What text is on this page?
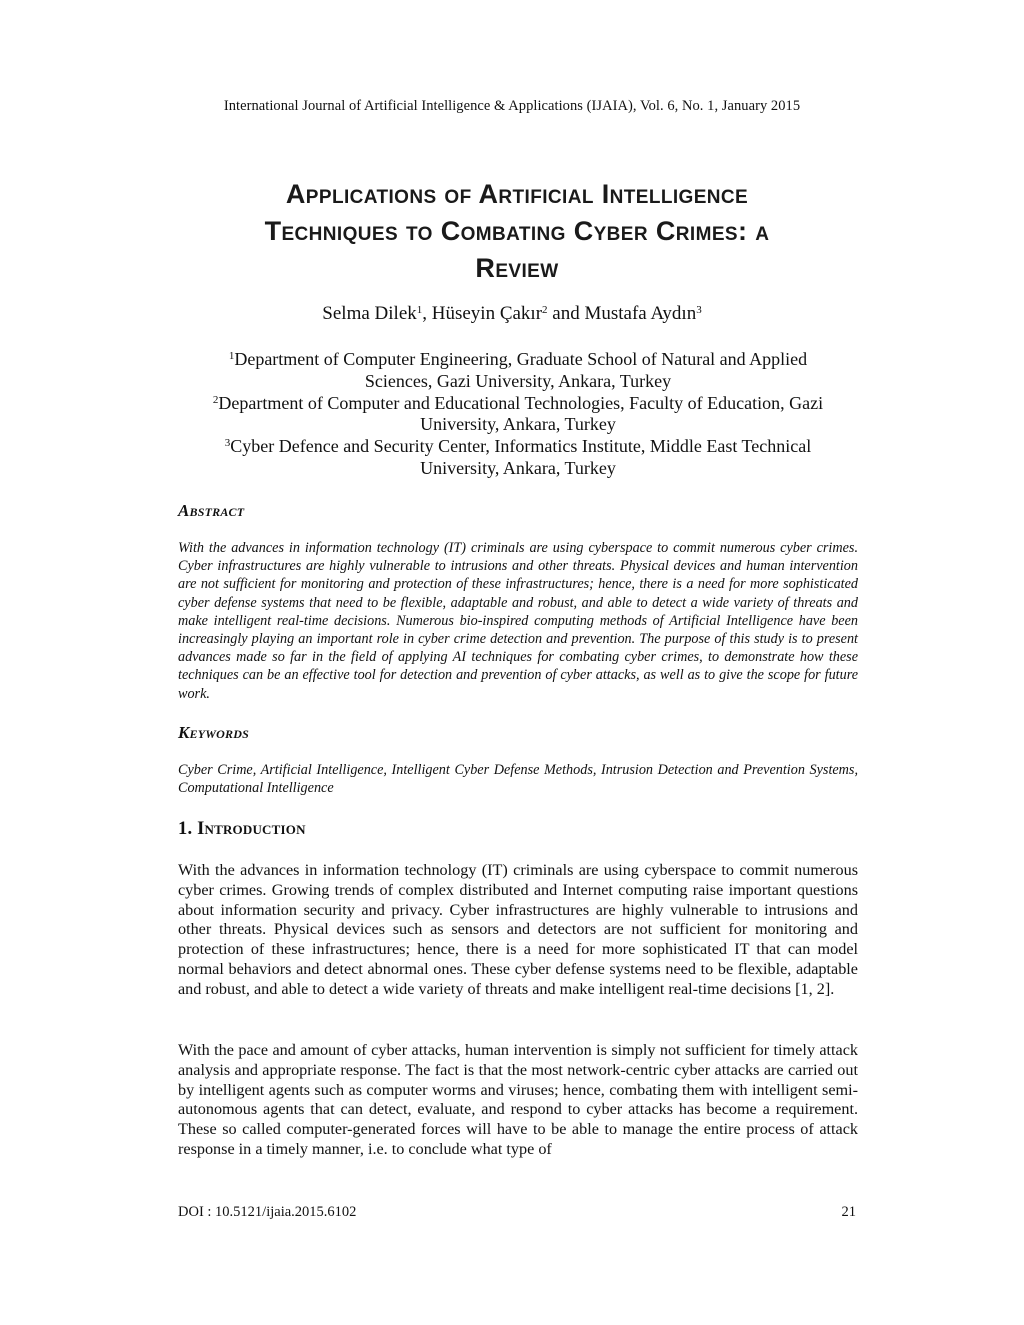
International Journal of Artificial Intelligence & Applications (IJAIA), Vol. 6, No. 1, January 2015
Applications of Artificial Intelligence
Techniques to Combating Cyber Crimes: a
Review
Selma Dilek$^1$, Hüseyin Çakır$^2$ and Mustafa Aydın$^3$
$^1$Department of Computer Engineering, Graduate School of Natural and Applied
Sciences, Gazi University, Ankara, Turkey
$^2$Department of Computer and Educational Technologies, Faculty of Education, Gazi
University, Ankara, Turkey
$^3$Cyber Defence and Security Center, Informatics Institute, Middle East Technical
University, Ankara, Turkey
Abstract
With the advances in information technology (IT) criminals are using cyberspace to commit numerous cyber crimes. Cyber infrastructures are highly vulnerable to intrusions and other threats. Physical devices and human intervention are not sufficient for monitoring and protection of these infrastructures; hence, there is a need for more sophisticated cyber defense systems that need to be flexible, adaptable and robust, and able to detect a wide variety of threats and make intelligent real-time decisions. Numerous bio-inspired computing methods of Artificial Intelligence have been increasingly playing an important role in cyber crime detection and prevention. The purpose of this study is to present advances made so far in the field of applying AI techniques for combating cyber crimes, to demonstrate how these techniques can be an effective tool for detection and prevention of cyber attacks, as well as to give the scope for future work.
Keywords
Cyber Crime, Artificial Intelligence, Intelligent Cyber Defense Methods, Intrusion Detection and Prevention Systems, Computational Intelligence
1. Introduction
With the advances in information technology (IT) criminals are using cyberspace to commit numerous cyber crimes. Growing trends of complex distributed and Internet computing raise important questions about information security and privacy. Cyber infrastructures are highly vulnerable to intrusions and other threats. Physical devices such as sensors and detectors are not sufficient for monitoring and protection of these infrastructures; hence, there is a need for more sophisticated IT that can model normal behaviors and detect abnormal ones. These cyber defense systems need to be flexible, adaptable and robust, and able to detect a wide variety of threats and make intelligent real-time decisions [1, 2].
With the pace and amount of cyber attacks, human intervention is simply not sufficient for timely attack analysis and appropriate response. The fact is that the most network-centric cyber attacks are carried out by intelligent agents such as computer worms and viruses; hence, combating them with intelligent semi-autonomous agents that can detect, evaluate, and respond to cyber attacks has become a requirement. These so called computer-generated forces will have to be able to manage the entire process of attack response in a timely manner, i.e. to conclude what type of
DOI : 10.5121/ijaia.2015.6102	21
